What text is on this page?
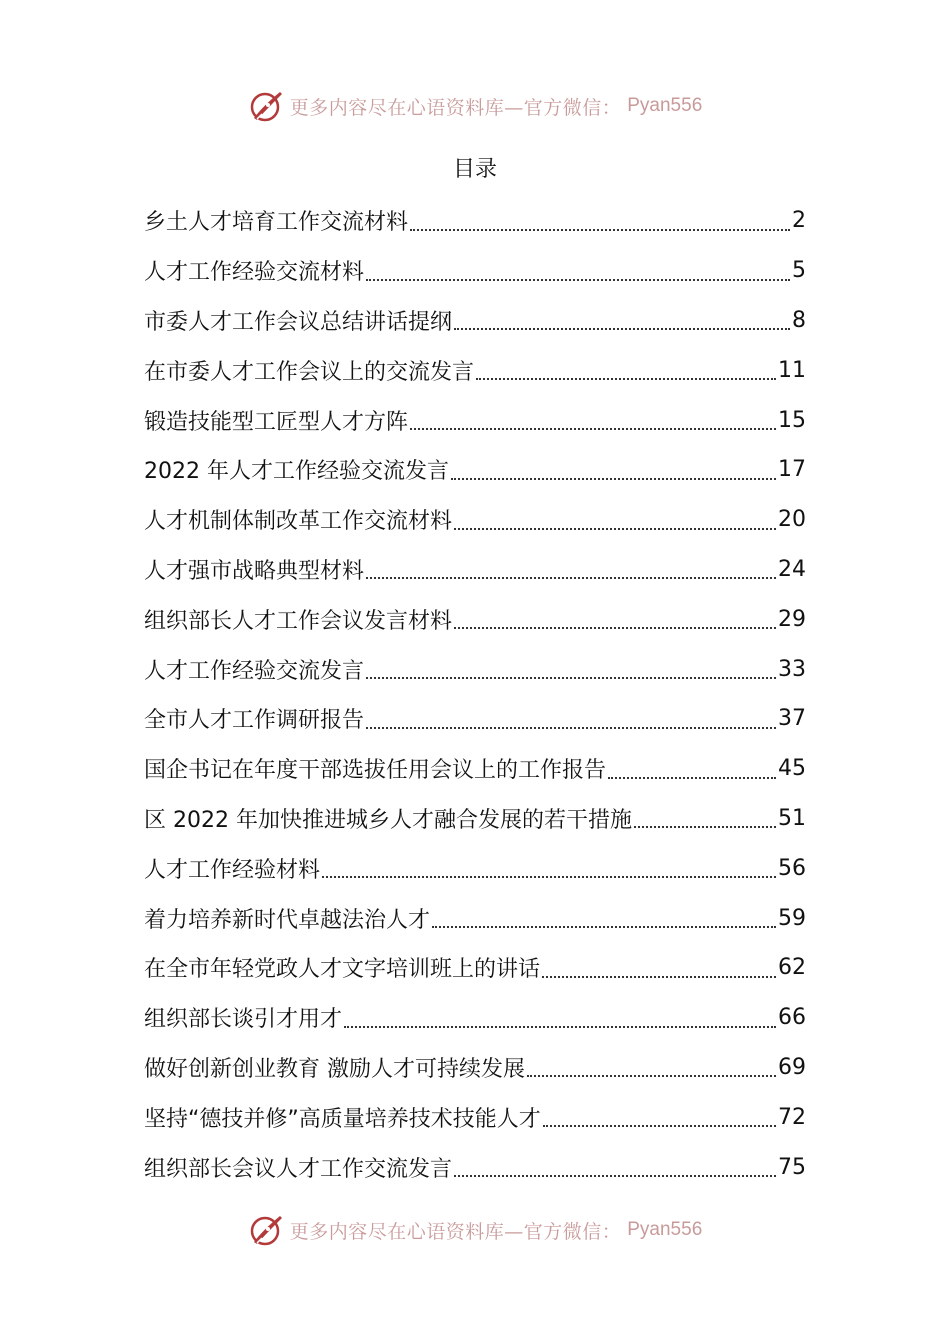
更多内容尽在心语资料库—官方微信： Pyan556
目录
乡土人才培育工作交流材料	2
人才工作经验交流材料	5
市委人才工作会议总结讲话提纲	8
在市委人才工作会议上的交流发言	11
锻造技能型工匠型人才方阵	15
2022 年人才工作经验交流发言	17
人才机制体制改革工作交流材料	20
人才强市战略典型材料	24
组织部长人才工作会议发言材料	29
人才工作经验交流发言	33
全市人才工作调研报告	37
国企书记在年度干部选拔任用会议上的工作报告	45
区 2022 年加快推进城乡人才融合发展的若干措施	51
人才工作经验材料	56
着力培养新时代卓越法治人才	59
在全市年轻党政人才文字培训班上的讲话	62
组织部长谈引才用才	66
做好创新创业教育 激励人才可持续发展	69
坚持“德技并修”高质量培养技术技能人才	72
组织部长会议人才工作交流发言	75
更多内容尽在心语资料库—官方微信： Pyan556
